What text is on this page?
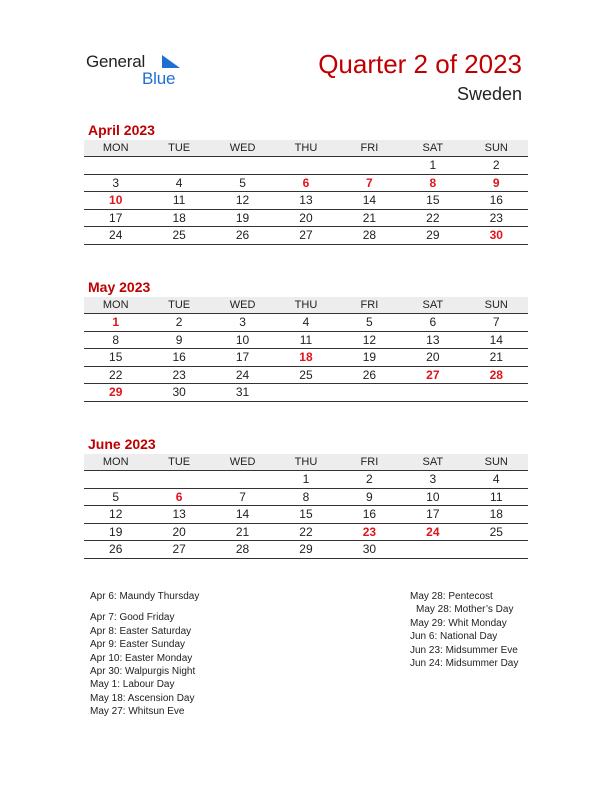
General
Blue	Quarter 2 of 2023
Sweden
April 2023
MON	TUE	WED	THU	FRI	SAT	SUN
					1	2
3	4	5	6	7	8	9
10	11	12	13	14	15	16
17	18	19	20	21	22	23
24	25	26	27	28	29	30
May 2023
MON	TUE	WED	THU	FRI	SAT	SUN
1	2	3	4	5	6	7
8	9	10	11	12	13	14
15	16	17	18	19	20	21
22	23	24	25	26	27	28
29	30	31				
June 2023
MON	TUE	WED	THU	FRI	SAT	SUN
			1	2	3	4
5	6	7	8	9	10	11
12	13	14	15	16	17	18
19	20	21	22	23	24	25
26	27	28	29	30		
Apr 6: Maundy Thursday
Apr 7: Good Friday
Apr 8: Easter Saturday
Apr 9: Easter Sunday
Apr 10: Easter Monday
Apr 30: Walpurgis Night
May 1: Labour Day
May 18: Ascension Day
May 27: Whitsun Eve
May 28: Pentecost
May 28: Mother’s Day
May 29: Whit Monday
Jun 6: National Day
Jun 23: Midsummer Eve
Jun 24: Midsummer Day
